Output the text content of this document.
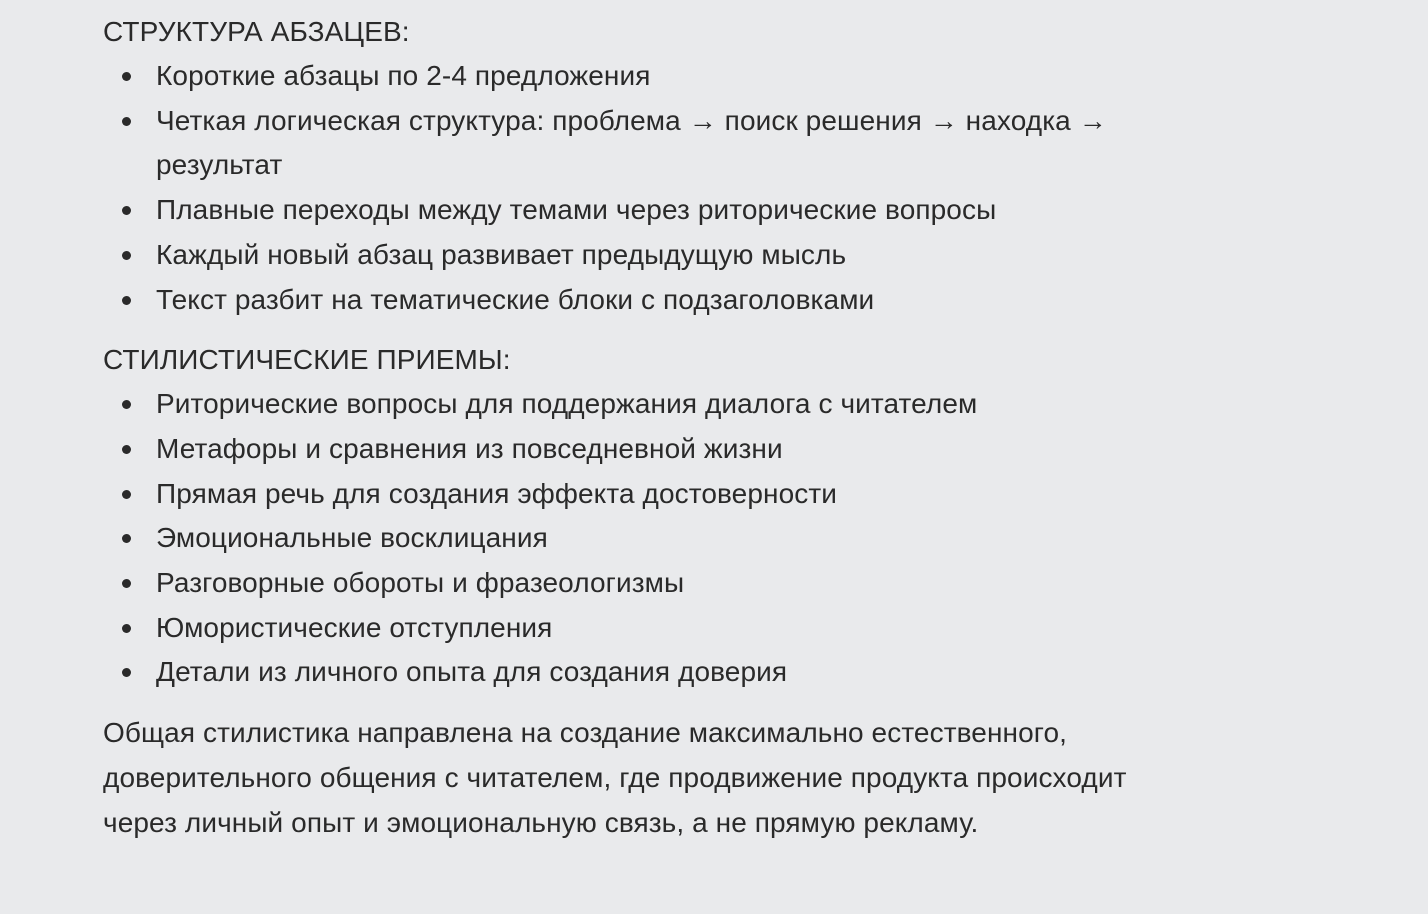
СТРУКТУРА АБЗАЦЕВ:

Короткие абзацы по 2-4 предложения
Четкая логическая структура: проблема → поиск решения → находка → результат
Плавные переходы между темами через риторические вопросы
Каждый новый абзац развивает предыдущую мысль
Текст разбит на тематические блоки с подзаголовками

СТИЛИСТИЧЕСКИЕ ПРИЕМЫ:

Риторические вопросы для поддержания диалога с читателем
Метафоры и сравнения из повседневной жизни
Прямая речь для создания эффекта достоверности
Эмоциональные восклицания
Разговорные обороты и фразеологизмы
Юмористические отступления
Детали из личного опыта для создания доверия

Общая стилистика направлена на создание максимально естественного, доверительного общения с читателем, где продвижение продукта происходит через личный опыт и эмоциональную связь, а не прямую рекламу.
